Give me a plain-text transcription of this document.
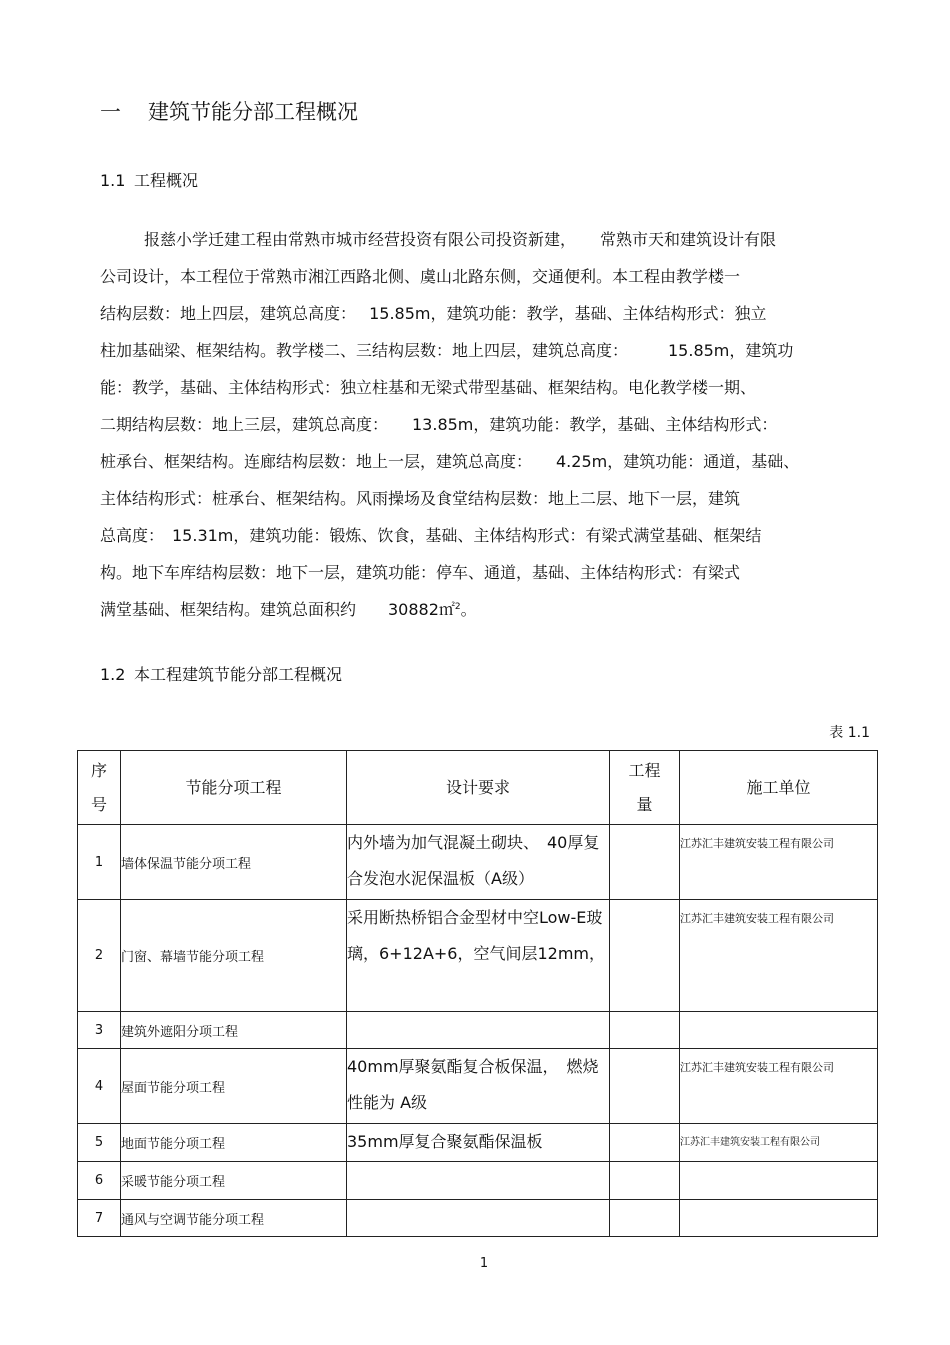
一 建筑节能分部工程概况
1.1 工程概况
报慈小学迁建工程由常熟市城市经营投资有限公司投资新建，　　常熟市天和建筑设计有限
公司设计，本工程位于常熟市湘江西路北侧、虞山北路东侧，交通便利。本工程由教学楼一
结构层数：地上四层，建筑总高度：　 15.85m，建筑功能：教学，基础、主体结构形式：独立
柱加基础梁、框架结构。教学楼二、三结构层数：地上四层，建筑总高度：　　　15.85m，建筑功
能：教学，基础、主体结构形式：独立柱基和无梁式带型基础、框架结构。电化教学楼一期、
二期结构层数：地上三层，建筑总高度：　　13.85m，建筑功能：教学，基础、主体结构形式：
桩承台、框架结构。连廊结构层数：地上一层，建筑总高度：　　4.25m，建筑功能：通道，基础、
主体结构形式：桩承台、框架结构。风雨操场及食堂结构层数：地上二层、地下一层，建筑
总高度：　15.31m，建筑功能：锻炼、饮食，基础、主体结构形式：有梁式满堂基础、框架结
构。地下车库结构层数：地下一层，建筑功能：停车、通道，基础、主体结构形式：有梁式
满堂基础、框架结构。建筑总面积约　　30882㎡$^2$。
1.2 本工程建筑节能分部工程概况
表 1.1
序号	节能分项工程	设计要求	工程量	施工单位
1	墙体保温节能分项工程	内外墙为加气混凝土砌块、　40厚复合发泡水泥保温板（A级）		江苏汇丰建筑安装工程有限公司
2	门窗、幕墙节能分项工程	采用断热桥铝合金型材中空Low-E玻璃，6+12A+6，空气间层12mm，		江苏汇丰建筑安装工程有限公司
3	建筑外遮阳分项工程			
4	屋面节能分项工程	40mm厚聚氨酯复合板保温，　燃烧性能为 A级		江苏汇丰建筑安装工程有限公司
5	地面节能分项工程	35mm厚复合聚氨酯保温板		江苏汇丰建筑安装工程有限公司
6	采暖节能分项工程			
7	通风与空调节能分项工程			
1
